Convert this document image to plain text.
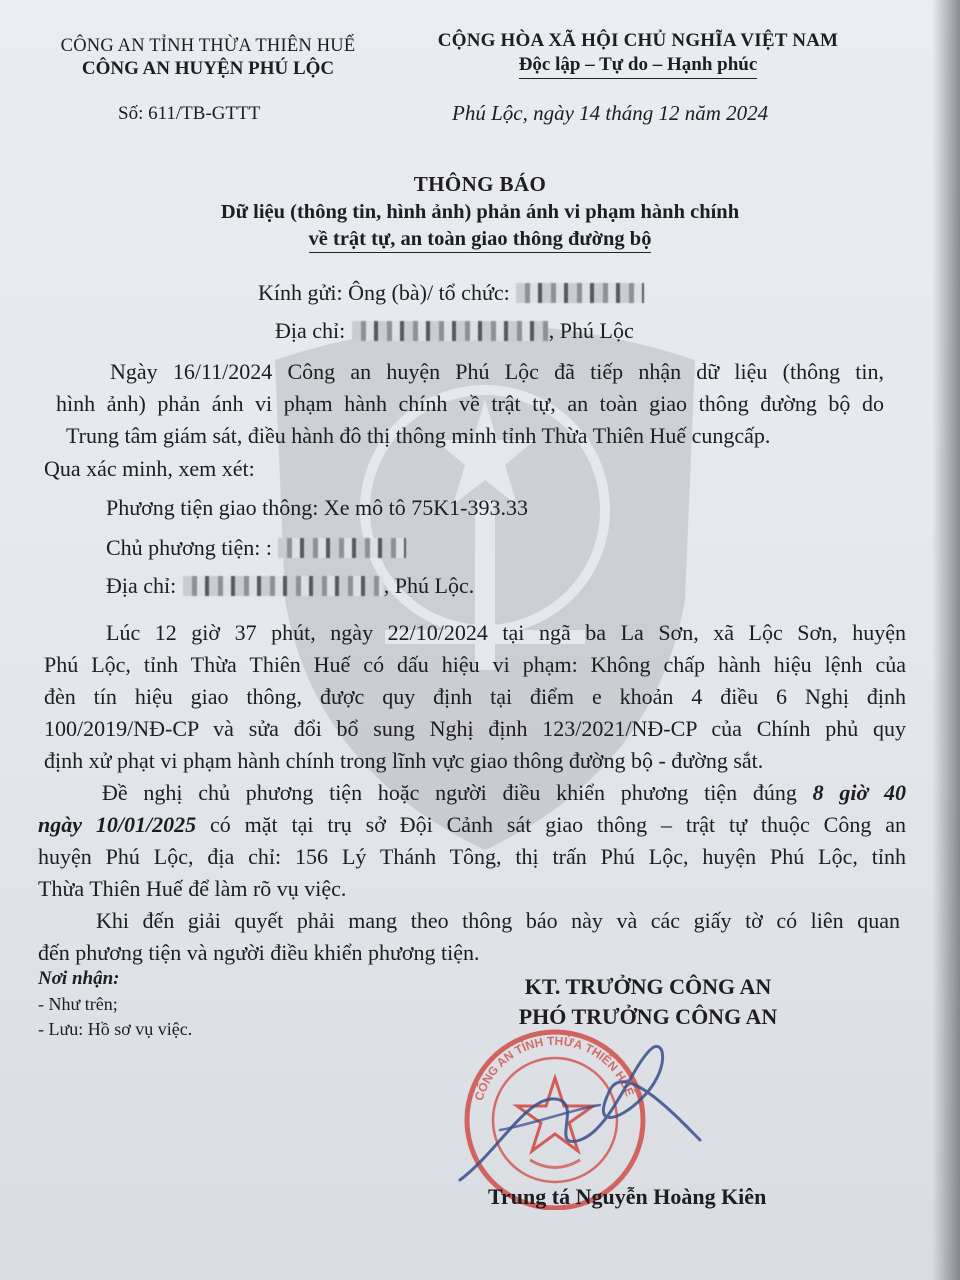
CÔNG AN TỈNH THỪA THIÊN HUẾ
CÔNG AN HUYỆN PHÚ LỘC
CỘNG HÒA XÃ HỘI CHỦ NGHĨA VIỆT NAM
Độc lập – Tự do – Hạnh phúc
Số: 611/TB-GTTT	Phú Lộc, ngày 14 tháng 12 năm 2024
THÔNG BÁO
Dữ liệu (thông tin, hình ảnh) phản ánh vi phạm hành chính
về trật tự, an toàn giao thông đường bộ
Kính gửi: Ông (bà)/ tổ chức:
Địa chỉ:	, Phú Lộc
Ngày 16/11/2024 Công an huyện Phú Lộc đã tiếp nhận dữ liệu (thông tin,
hình ảnh) phản ánh vi phạm hành chính về trật tự, an toàn giao thông đường bộ do
Trung tâm giám sát, điều hành đô thị thông minh tỉnh Thừa Thiên Huế cungcấp.
Qua xác minh, xem xét:
Phương tiện giao thông: Xe mô tô 75K1-393.33
Chủ phương tiện: :
Địa chỉ:	, Phú Lộc.
Lúc 12 giờ 37 phút, ngày 22/10/2024 tại ngã ba La Sơn, xã Lộc Sơn, huyện
Phú Lộc, tỉnh Thừa Thiên Huế có dấu hiệu vi phạm: Không chấp hành hiệu lệnh của
đèn tín hiệu giao thông, được quy định tại điểm e khoản 4 điều 6 Nghị định
100/2019/NĐ-CP và sửa đổi bổ sung Nghị định 123/2021/NĐ-CP của Chính phủ quy
định xử phạt vi phạm hành chính trong lĩnh vực giao thông đường bộ - đường sắt.
Đề nghị chủ phương tiện hoặc người điều khiển phương tiện đúng 8 giờ 40
ngày 10/01/2025 có mặt tại trụ sở Đội Cảnh sát giao thông – trật tự thuộc Công an
huyện Phú Lộc, địa chỉ: 156 Lý Thánh Tông, thị trấn Phú Lộc, huyện Phú Lộc, tỉnh
Thừa Thiên Huế để làm rõ vụ việc.
Khi đến giải quyết phải mang theo thông báo này và các giấy tờ có liên quan
đến phương tiện và người điều khiển phương tiện.
Nơi nhận:
- Như trên;
- Lưu: Hồ sơ vụ việc.
KT. TRƯỞNG CÔNG AN
PHÓ TRƯỞNG CÔNG AN
CÔNG AN TỈNH THỪA THIÊN HUẾ
Trung tá Nguyễn Hoàng Kiên
